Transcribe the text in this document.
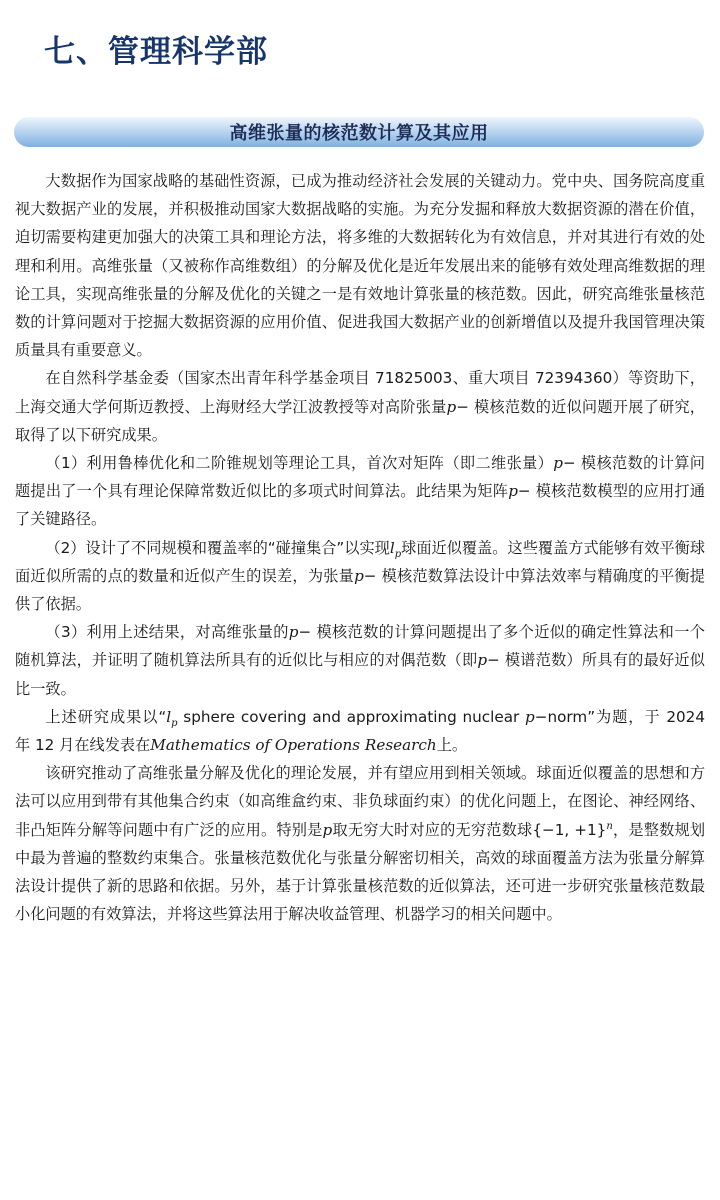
七、管理科学部
高维张量的核范数计算及其应用

大数据作为国家战略的基础性资源，已成为推动经济社会发展的关键动力。党中央、国务院高度重视大数据产业的发展，并积极推动国家大数据战略的实施。为充分发掘和释放大数据资源的潜在价值，迫切需要构建更加强大的决策工具和理论方法，将多维的大数据转化为有效信息，并对其进行有效的处理和利用。高维张量（又被称作高维数组）的分解及优化是近年发展出来的能够有效处理高维数据的理论工具，实现高维张量的分解及优化的关键之一是有效地计算张量的核范数。因此，研究高维张量核范数的计算问题对于挖掘大数据资源的应用价值、促进我国大数据产业的创新增值以及提升我国管理决策质量具有重要意义。

在自然科学基金委（国家杰出青年科学基金项目 71825003、重大项目 72394360）等资助下，上海交通大学何斯迈教授、上海财经大学江波教授等对高阶张量p− 模核范数的近似问题开展了研究，取得了以下研究成果。

（1）利用鲁棒优化和二阶锥规划等理论工具，首次对矩阵（即二维张量）p− 模核范数的计算问题提出了一个具有理论保障常数近似比的多项式时间算法。此结果为矩阵p− 模核范数模型的应用打通了关键路径。

（2）设计了不同规模和覆盖率的“碰撞集合”以实现$l_p$球面近似覆盖。这些覆盖方式能够有效平衡球面近似所需的点的数量和近似产生的误差，为张量p− 模核范数算法设计中算法效率与精确度的平衡提供了依据。

（3）利用上述结果，对高维张量的p− 模核范数的计算问题提出了多个近似的确定性算法和一个随机算法，并证明了随机算法所具有的近似比与相应的对偶范数（即p− 模谱范数）所具有的最好近似比一致。

上述研究成果以“$l_p$ sphere covering and approximating nuclear p−norm”为题，于 2024 年 12 月在线发表在Mathematics of Operations Research上。

该研究推动了高维张量分解及优化的理论发展，并有望应用到相关领域。球面近似覆盖的思想和方法可以应用到带有其他集合约束（如高维盒约束、非负球面约束）的优化问题上，在图论、神经网络、非凸矩阵分解等问题中有广泛的应用。特别是p取无穷大时对应的无穷范数球{−1, +1}$^n$，是整数规划中最为普遍的整数约束集合。张量核范数优化与张量分解密切相关，高效的球面覆盖方法为张量分解算法设计提供了新的思路和依据。另外，基于计算张量核范数的近似算法，还可进一步研究张量核范数最小化问题的有效算法，并将这些算法用于解决收益管理、机器学习的相关问题中。
